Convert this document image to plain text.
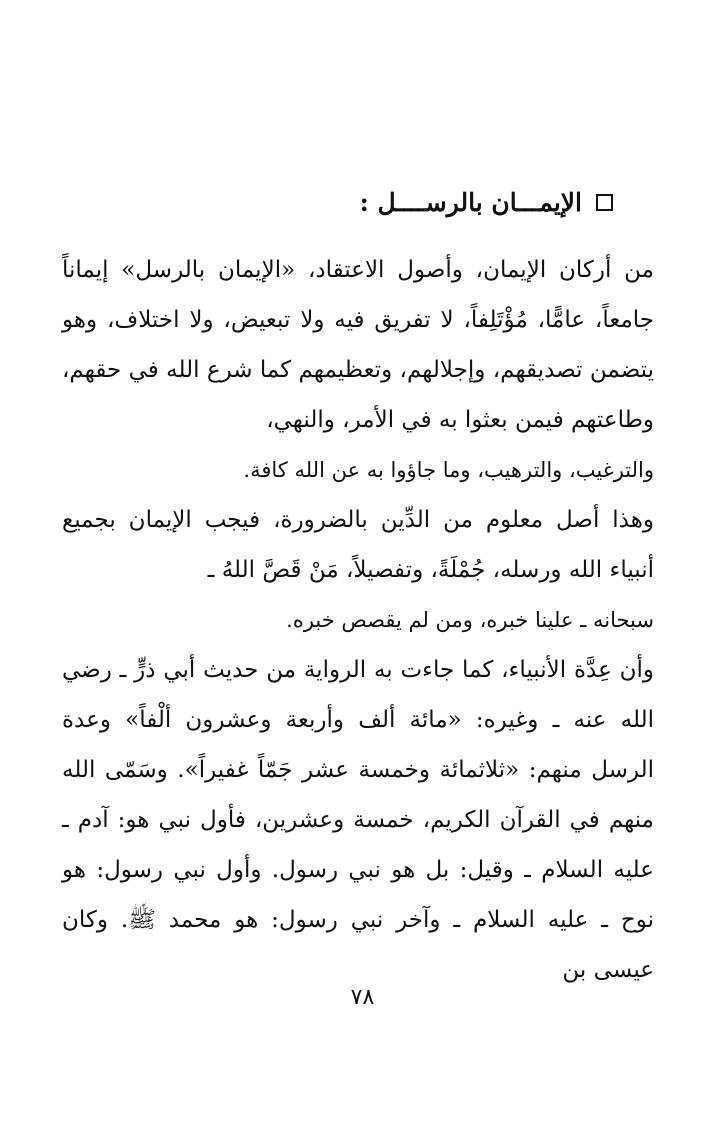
الإيمـــان بالرســــل :
من أركان الإيمان، وأصول الاعتقاد، «الإيمان بالرسل» إيماناً جامعاً، عامًّا، مُؤْتَلِفاً، لا تفريق فيه ولا تبعيض، ولا اختلاف، وهو يتضمن تصديقهم، وإجلالهم، وتعظيمهم كما شرع الله في حقهم، وطاعتهم فيمن بعثوا به في الأمر، والنهي،
والترغيب، والترهيب، وما جاؤوا به عن الله كافة.
وهذا أصل معلوم من الدِّين بالضرورة، فيجب الإيمان بجميع أنبياء الله ورسله، جُمْلَةً، وتفصيلاً، مَنْ قَصَّ اللهُ ـ
سبحانه ـ علينا خبره، ومن لم يقصص خبره.
وأن عِدَّة الأنبياء، كما جاءت به الرواية من حديث أبي ذرٍّ ـ رضي الله عنه ـ وغيره: «مائة ألف وأربعة وعشرون ألْفاً» وعدة الرسل منهم: «ثلاثمائة وخمسة عشر جَمّاً غفيراً». وسَمّى الله منهم في القرآن الكريم، خمسة وعشرين، فأول نبي هو: آدم ـ عليه السلام ـ وقيل: بل هو نبي رسول. وأول نبي رسول: هو نوح ـ عليه السلام ـ وآخر نبي رسول: هو محمد ﷺ. وكان عيسى بن
٧٨
